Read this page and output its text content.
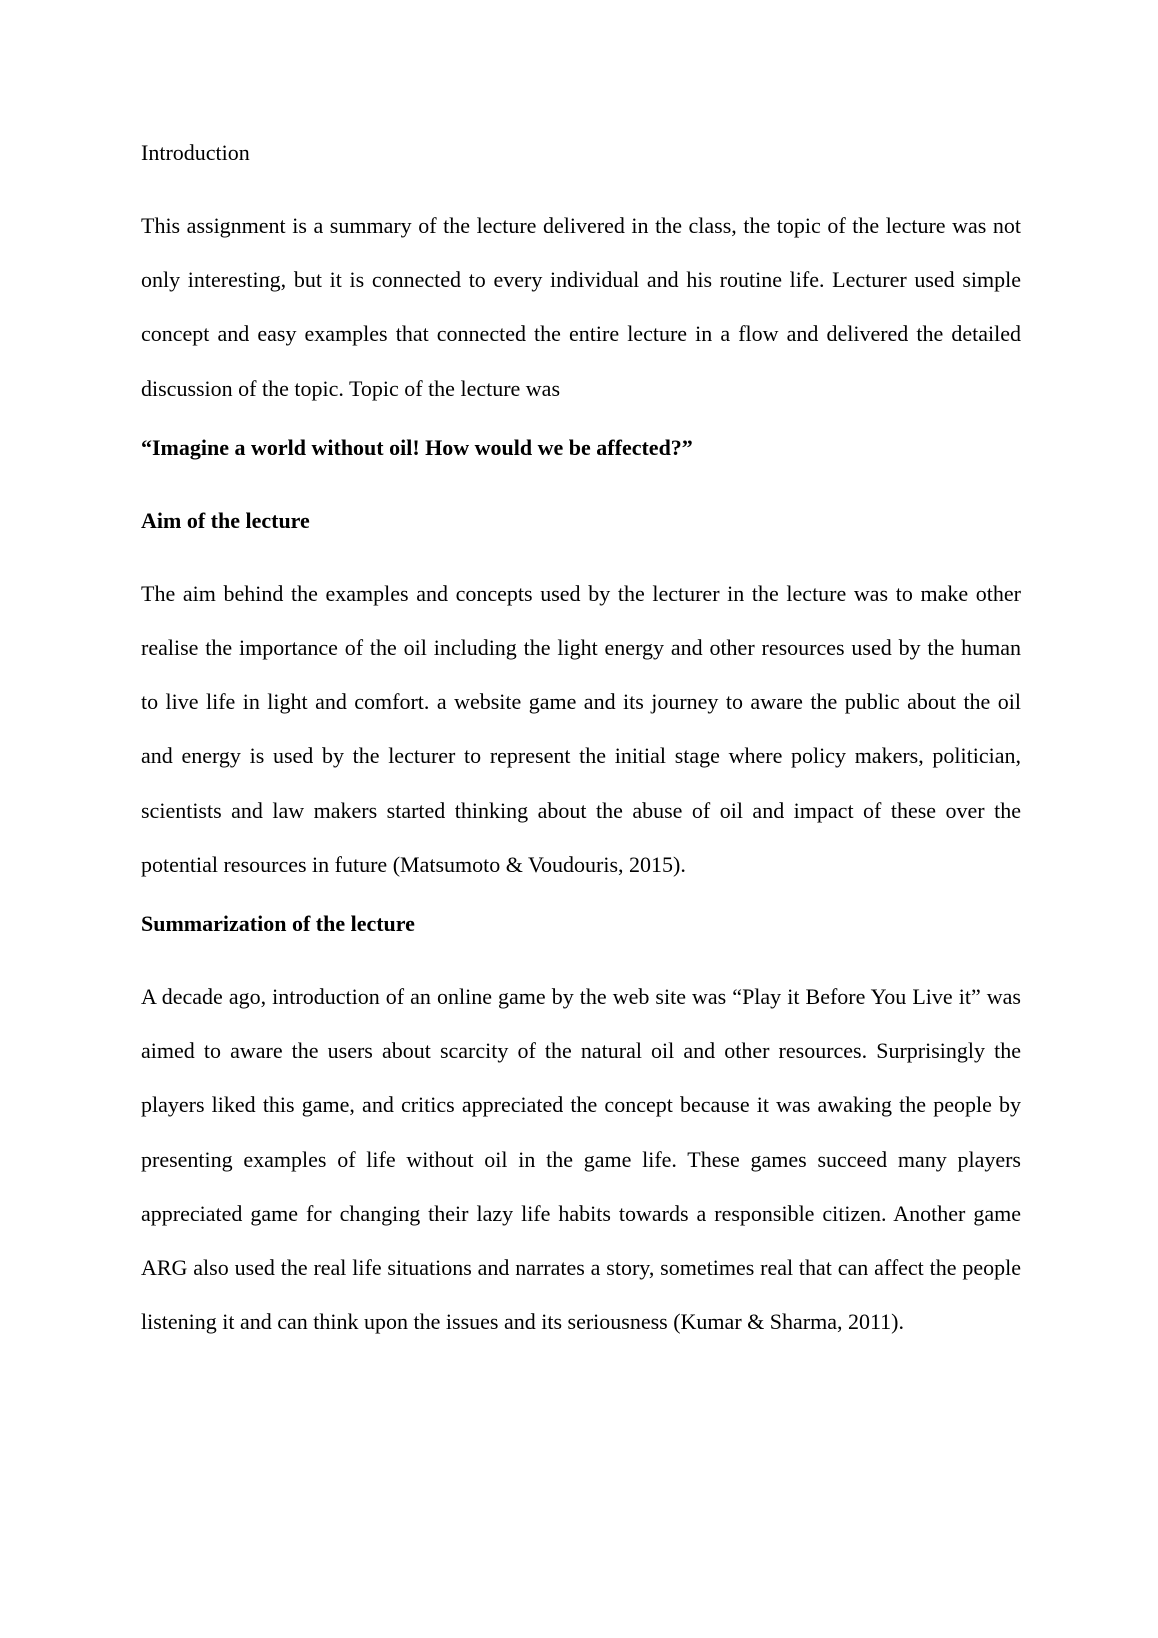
Introduction

This assignment is a summary of the lecture delivered in the class, the topic of the lecture was not only interesting, but it is connected to every individual and his routine life. Lecturer used simple concept and easy examples that connected the entire lecture in a flow and delivered the detailed discussion of the topic. Topic of the lecture was

“Imagine a world without oil! How would we be affected?”
Aim of the lecture

The aim behind the examples and concepts used by the lecturer in the lecture was to make other realise the importance of the oil including the light energy and other resources used by the human to live life in light and comfort. a website game and its journey to aware the public about the oil and energy is used by the lecturer to represent the initial stage where policy makers, politician, scientists and law makers started thinking about the abuse of oil and impact of these over the potential resources in future (Matsumoto & Voudouris, 2015).

Summarization of the lecture

A decade ago, introduction of an online game by the web site was “Play it Before You Live it” was aimed to aware the users about scarcity of the natural oil and other resources. Surprisingly the players liked this game, and critics appreciated the concept because it was awaking the people by presenting examples of life without oil in the game life. These games succeed many players appreciated game for changing their lazy life habits towards a responsible citizen. Another game ARG also used the real life situations and narrates a story, sometimes real that can affect the people listening it and can think upon the issues and its seriousness (Kumar & Sharma, 2011).
